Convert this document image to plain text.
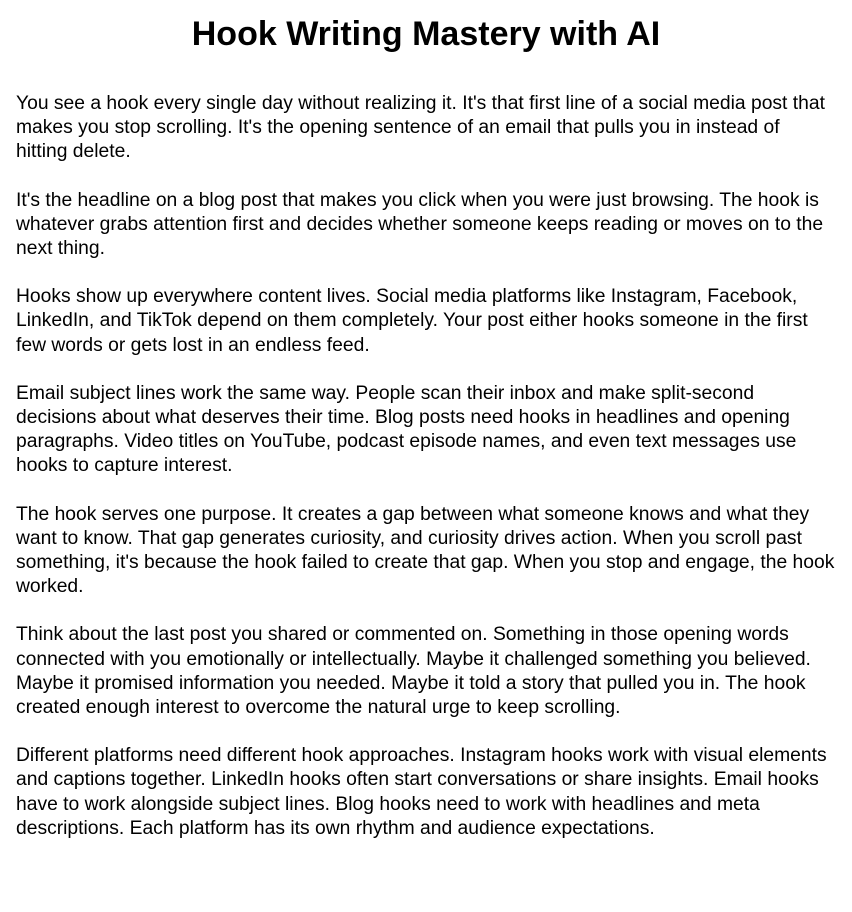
Hook Writing Mastery with AI

You see a hook every single day without realizing it. It's that first line of a social media post that makes you stop scrolling. It's the opening sentence of an email that pulls you in instead of hitting delete.

It's the headline on a blog post that makes you click when you were just browsing. The hook is whatever grabs attention first and decides whether someone keeps reading or moves on to the next thing.

Hooks show up everywhere content lives. Social media platforms like Instagram, Facebook, LinkedIn, and TikTok depend on them completely. Your post either hooks someone in the first few words or gets lost in an endless feed.

Email subject lines work the same way. People scan their inbox and make split-second decisions about what deserves their time. Blog posts need hooks in headlines and opening paragraphs. Video titles on YouTube, podcast episode names, and even text messages use hooks to capture interest.

The hook serves one purpose. It creates a gap between what someone knows and what they want to know. That gap generates curiosity, and curiosity drives action. When you scroll past something, it's because the hook failed to create that gap. When you stop and engage, the hook worked.

Think about the last post you shared or commented on. Something in those opening words connected with you emotionally or intellectually. Maybe it challenged something you believed. Maybe it promised information you needed. Maybe it told a story that pulled you in. The hook created enough interest to overcome the natural urge to keep scrolling.

Different platforms need different hook approaches. Instagram hooks work with visual elements and captions together. LinkedIn hooks often start conversations or share insights. Email hooks have to work alongside subject lines. Blog hooks need to work with headlines and meta descriptions. Each platform has its own rhythm and audience expectations.
